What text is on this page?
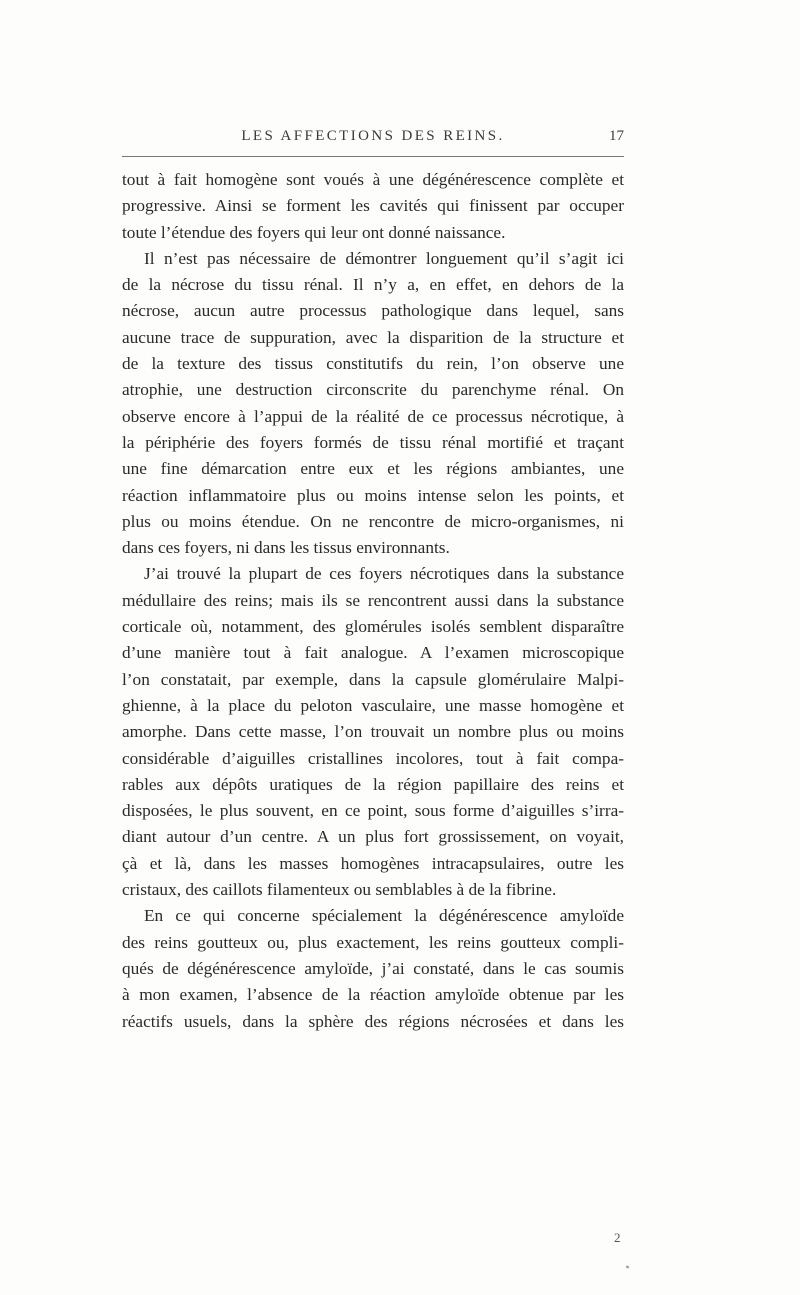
LES AFFECTIONS DES REINS.	17
tout à fait homogène sont voués à une dégénérescence complète et
progressive. Ainsi se forment les cavités qui finissent par occuper
toute l’étendue des foyers qui leur ont donné naissance.
Il n’est pas nécessaire de démontrer longuement qu’il s’agit ici
de la nécrose du tissu rénal. Il n’y a, en effet, en dehors de la
nécrose, aucun autre processus pathologique dans lequel, sans
aucune trace de suppuration, avec la disparition de la structure et
de la texture des tissus constitutifs du rein, l’on observe une
atrophie, une destruction circonscrite du parenchyme rénal. On
observe encore à l’appui de la réalité de ce processus nécrotique, à
la périphérie des foyers formés de tissu rénal mortifié et traçant
une fine démarcation entre eux et les régions ambiantes, une
réaction inflammatoire plus ou moins intense selon les points, et
plus ou moins étendue. On ne rencontre de micro-organismes, ni
dans ces foyers, ni dans les tissus environnants.
J’ai trouvé la plupart de ces foyers nécrotiques dans la substance
médullaire des reins; mais ils se rencontrent aussi dans la substance
corticale où, notamment, des glomérules isolés semblent disparaître
d’une manière tout à fait analogue. A l’examen microscopique
l’on constatait, par exemple, dans la capsule glomérulaire Malpi-
ghienne, à la place du peloton vasculaire, une masse homogène et
amorphe. Dans cette masse, l’on trouvait un nombre plus ou moins
considérable d’aiguilles cristallines incolores, tout à fait compa-
rables aux dépôts uratiques de la région papillaire des reins et
disposées, le plus souvent, en ce point, sous forme d’aiguilles s’irra-
diant autour d’un centre. A un plus fort grossissement, on voyait,
çà et là, dans les masses homogènes intracapsulaires, outre les
cristaux, des caillots filamenteux ou semblables à de la fibrine.
En ce qui concerne spécialement la dégénérescence amyloïde
des reins goutteux ou, plus exactement, les reins goutteux compli-
qués de dégénérescence amyloïde, j’ai constaté, dans le cas soumis
à mon examen, l’absence de la réaction amyloïde obtenue par les
réactifs usuels, dans la sphère des régions nécrosées et dans les
2
